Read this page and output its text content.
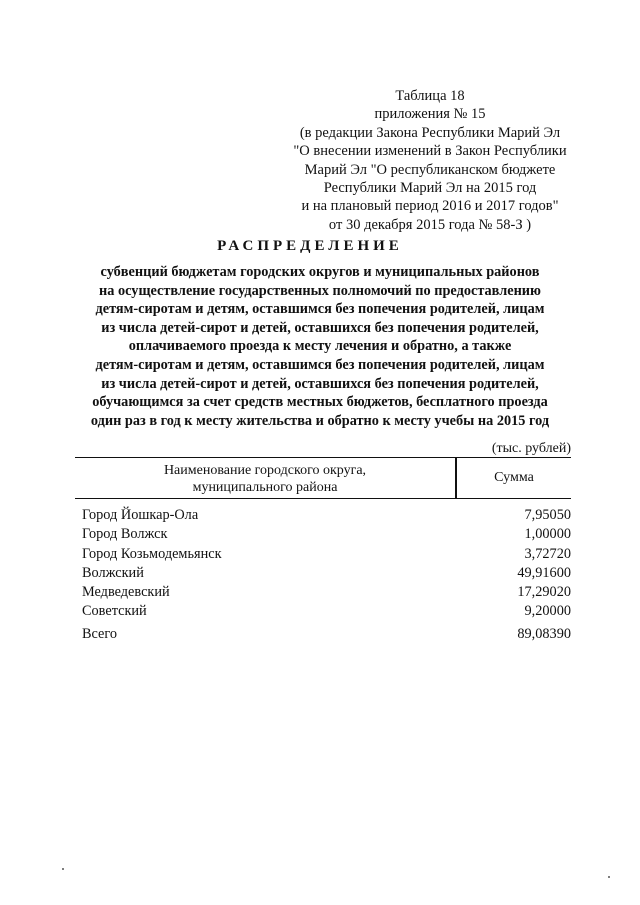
Таблица 18
приложения № 15
(в редакции Закона Республики Марий Эл
"О внесении изменений в Закон Республики
Марий Эл "О республиканском бюджете
Республики Марий Эл на 2015 год
и на плановый период 2016 и 2017 годов"
от 30 декабря 2015 года № 58-З )
РАСПРЕДЕЛЕНИЕ
субвенций бюджетам городских округов и муниципальных районов
на осуществление государственных полномочий по предоставлению
детям-сиротам и детям, оставшимся без попечения родителей, лицам
из числа детей-сирот и детей, оставшихся без попечения родителей,
оплачиваемого проезда к месту лечения и обратно, а также
детям-сиротам и детям, оставшимся без попечения родителей, лицам
из числа детей-сирот и детей, оставшихся без попечения родителей,
обучающимся за счет средств местных бюджетов, бесплатного проезда
один раз в год к месту жительства и обратно к месту учебы на 2015 год
(тыс. рублей)
Наименование городского округа,
муниципального района
Сумма
Город Йошкар-Ола	7,95050
Город Волжск	1,00000
Город Козьмодемьянск	3,72720
Волжский	49,91600
Медведевский	17,29020
Советский	9,20000
Всего	89,08390
